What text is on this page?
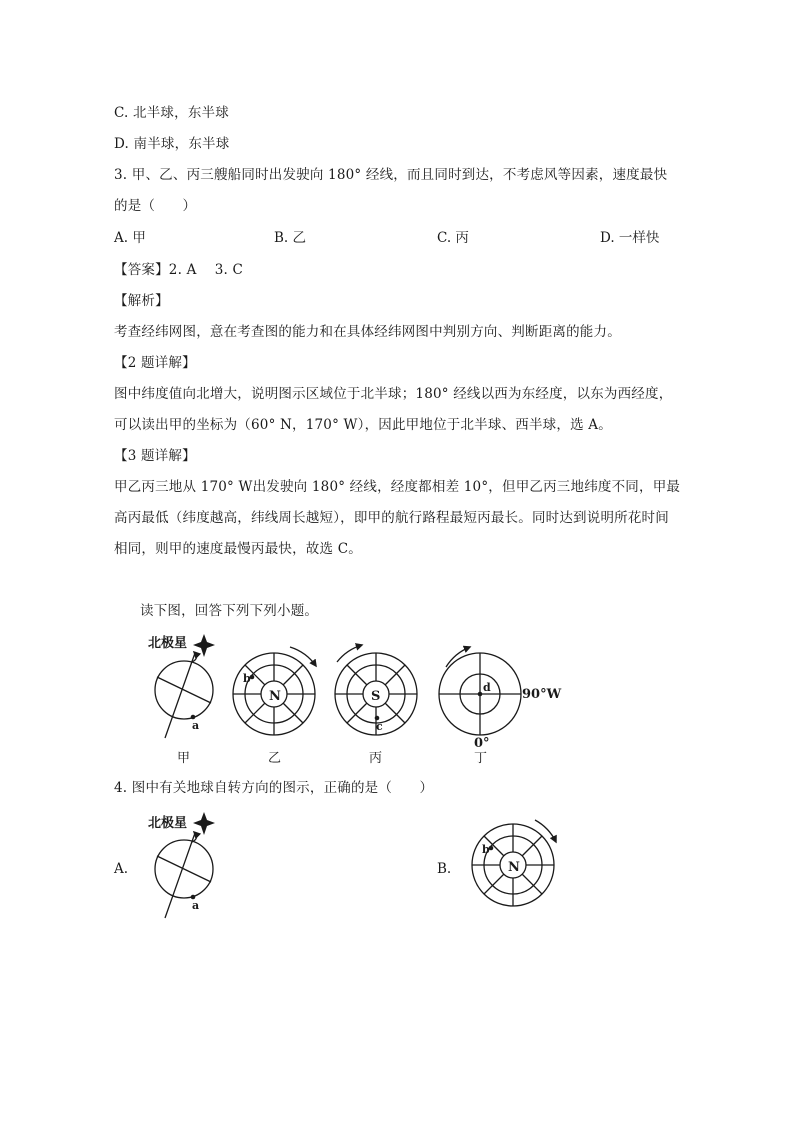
C. 北半球，东半球
D. 南半球，东半球
3. 甲、乙、丙三艘船同时出发驶向 180° 经线，而且同时到达，不考虑风等因素，速度最快
的是（　　）
A. 甲	B. 乙	C. 丙	D. 一样快
【答案】2. A　 3. C
【解析】
考查经纬网图，意在考查图的能力和在具体经纬网图中判别方向、判断距离的能力。
【2 题详解】
图中纬度值向北增大，说明图示区域位于北半球；180° 经线以西为东经度，以东为西经度，
可以读出甲的坐标为（60° N，170° W），因此甲地位于北半球、西半球，选 A。
【3 题详解】
甲乙丙三地从 170° W出发驶向 180° 经线，经度都相差 10°，但甲乙丙三地纬度不同，甲最
高丙最低（纬度越高，纬线周长越短），即甲的航行路程最短丙最长。同时达到说明所花时间
相同，则甲的速度最慢丙最快，故选 C。
读下图，回答下列下列小题。
北极星
a
N
b
S
c
d 90°W
0°
甲	乙	丙	丁
北极星
a
N
b
4. 图中有关地球自转方向的图示，正确的是（　　）
A.	B.
